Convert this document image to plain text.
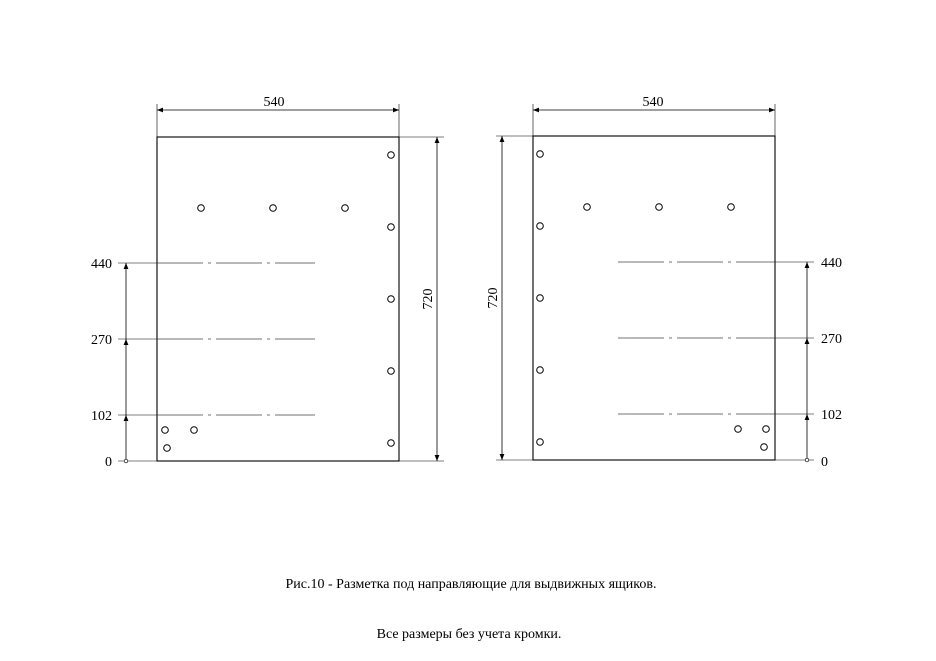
540
720
0
102
270
440
540
720
0
102
270
440
Рис.10 - Разметка под направляющие для выдвижных ящиков.
Все размеры без учета кромки.
